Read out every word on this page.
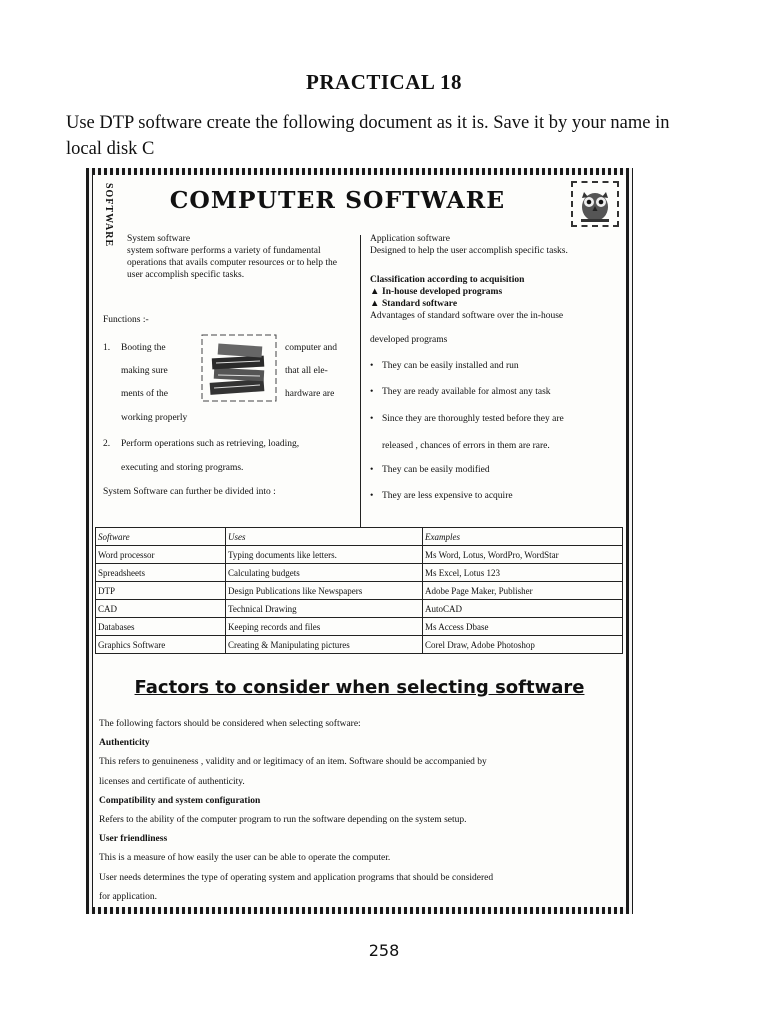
PRACTICAL 18
Use DTP software create the following document as it is. Save it by your name in local disk C
SOFTWARE COMPUTER SOFTWARE

System software

system software performs a variety of fundamental operations that avails computer resources or to help the user accomplish specific tasks.

Functions :-
1. Booting the	computer and
making sure	that all ele-
ments of the	hardware are
working properly
2. Perform operations such as retrieving, loading,
executing and storing programs.
System Software can further be divided into :

Application software

Designed to help the user accomplish specific tasks.

Classification according to acquisition
▲ In-house developed programs
▲ Standard software
Advantages of standard software over the in-house
developed programs
• They can be easily installed and run
• They are ready available for almost any task
• Since they are thoroughly tested before they are
released , chances of errors in them are rare.
• They can be easily modified
• They are less expensive to acquire
Software	Uses	Examples
Word processor	Typing documents like letters.	Ms Word, Lotus, WordPro, WordStar
Spreadsheets	Calculating budgets	Ms Excel, Lotus 123
DTP	Design Publications like Newspapers	Adobe Page Maker, Publisher
CAD	Technical Drawing	AutoCAD
Databases	Keeping records and files	Ms Access Dbase
Graphics Software	Creating & Manipulating pictures	Corel Draw, Adobe Photoshop
Factors to consider when selecting software

The following factors should be considered when selecting software:

Authenticity

This refers to genuineness , validity and or legitimacy of an item. Software should be accompanied by

licenses and certificate of authenticity.

Compatibility and system configuration

Refers to the ability of the computer program to run the software depending on the system setup.

User friendliness

This is a measure of how easily the user can be able to operate the computer.

User needs determines the type of operating system and application programs that should be considered

for application.

258
